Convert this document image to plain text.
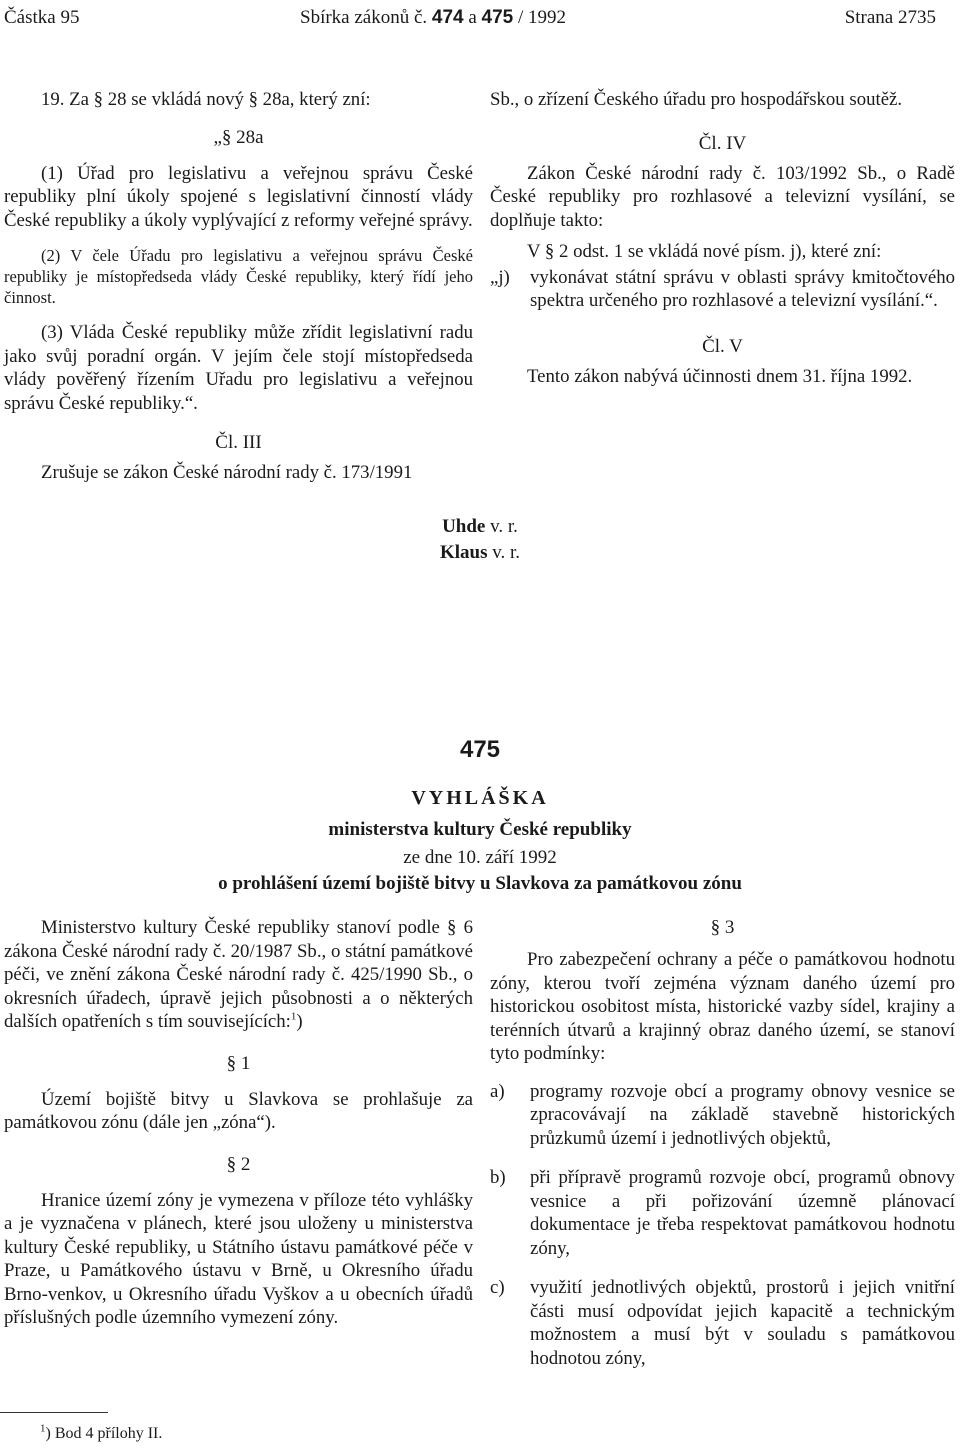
Částka 95	Sbírka zákonů č. 474 a 475 / 1992	Strana 2735

19. Za § 28 se vkládá nový § 28a, který zní:

„§ 28a

(1) Úřad pro legislativu a veřejnou správu České republiky plní úkoly spojené s legislativní činností vlády České republiky a úkoly vyplývající z reformy veřejné správy.

(2) V čele Úřadu pro legislativu a veřejnou správu České republiky je místopředseda vlády České republiky, který řídí jeho činnost.

(3) Vláda České republiky může zřídit legislativní radu jako svůj poradní orgán. V jejím čele stojí místopředseda vlády pověřený řízením Uřadu pro legislativu a veřejnou správu České republiky.“.

Čl. III

Zrušuje se zákon České národní rady č. 173/1991

Sb., o zřízení Českého úřadu pro hospodářskou soutěž.

Čl. IV

Zákon České národní rady č. 103/1992 Sb., o Radě České republiky pro rozhlasové a televizní vysílání, se doplňuje takto:

V § 2 odst. 1 se vkládá nové písm. j), které zní:

„j)	vykonávat státní správu v oblasti správy kmitočtového spektra určeného pro rozhlasové a televizní vysílání.“.

Čl. V

Tento zákon nabývá účinnosti dnem 31. října 1992.

Uhde v. r.
Klaus v. r.
475
VYHLÁŠKA
ministerstva kultury České republiky
ze dne 10. září 1992
o prohlášení území bojiště bitvy u Slavkova za památkovou zónu

Ministerstvo kultury České republiky stanoví podle § 6 zákona České národní rady č. 20/1987 Sb., o státní památkové péči, ve znění zákona České národní rady č. 425/1990 Sb., o okresních úřadech, úpravě jejich působnosti a o některých dalších opatřeních s tím souvisejících:$^1$)

§ 1

Území bojiště bitvy u Slavkova se prohlašuje za památkovou zónu (dále jen „zóna“).

§ 2

Hranice území zóny je vymezena v příloze této vyhlášky a je vyznačena v plánech, které jsou uloženy u ministerstva kultury České republiky, u Státního ústavu památkové péče v Praze, u Památkového ústavu v Brně, u Okresního úřadu Brno-venkov, u Okresního úřadu Vyškov a u obecních úřadů příslušných podle územního vymezení zóny.

§ 3

Pro zabezpečení ochrany a péče o památkovou hodnotu zóny, kterou tvoří zejména význam daného území pro historickou osobitost místa, historické vazby sídel, krajiny a terénních útvarů a krajinný obraz daného území, se stanoví tyto podmínky:

a)	programy rozvoje obcí a programy obnovy vesnice se zpracovávají na základě stavebně historických průzkumů území i jednotlivých objektů,
b)	při přípravě programů rozvoje obcí, programů obnovy vesnice a při pořizování územně plánovací dokumentace je třeba respektovat památkovou hodnotu zóny,
c)	využití jednotlivých objektů, prostorů i jejich vnitřní části musí odpovídat jejich kapacitě a technickým možnostem a musí být v souladu s památkovou hodnotou zóny,
$^1$) Bod 4 přílohy II.
